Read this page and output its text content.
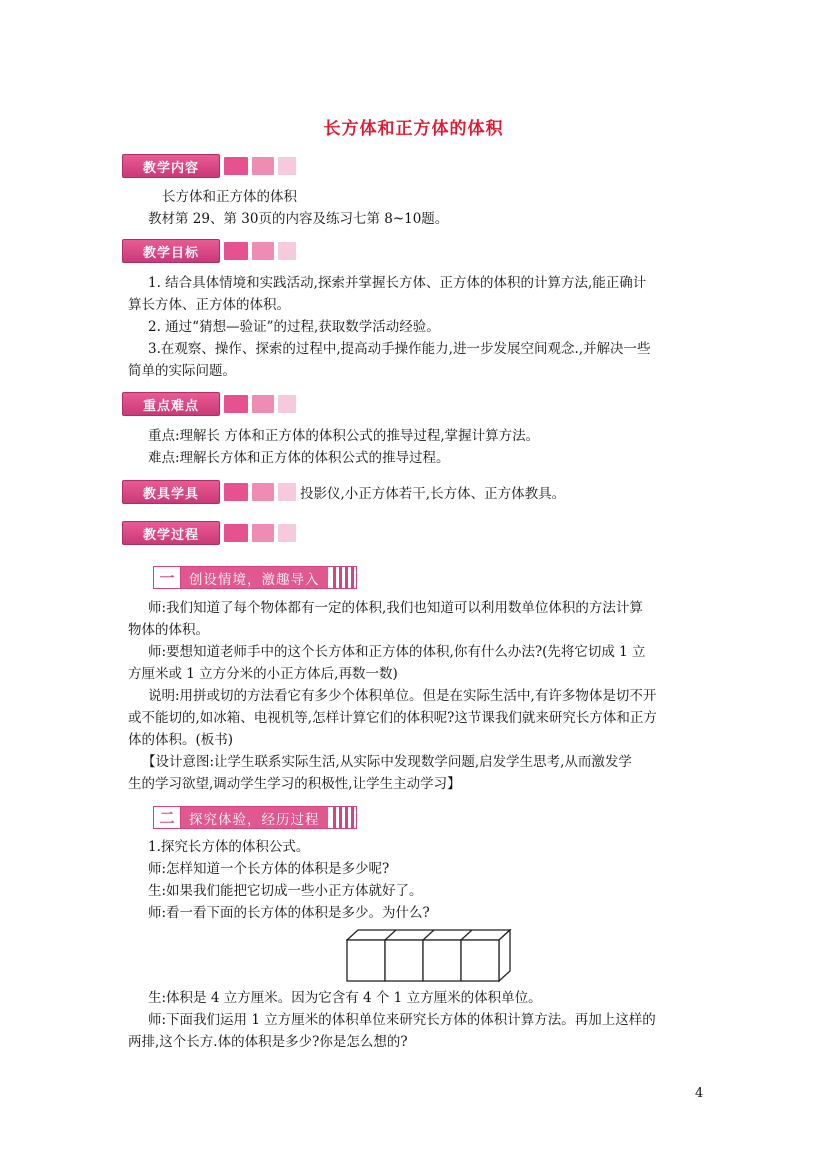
长方体和正方体的体积
教学内容
长方体和正方体的体积
教材第 29、第 30页的内容及练习七第 8~10题。
教学目标
1. 结合具体情境和实践活动,探索并掌握长方体、正方体的体积的计算方法,能正确计
算长方体、正方体的体积。
2. 通过“猜想—验证”的过程,获取数学活动经验。
3.在观察、操作、探索的过程中,提高动手操作能力,进一步发展空间观念.,并解决一些
简单的实际问题。
重点难点
重点:理解长 方体和正方体的体积公式的推导过程,掌握计算方法。
难点:理解长方体和正方体的体积公式的推导过程。
教具学具	投影仪,小正方体若干,长方体、正方体教具。
教学过程
一	创设情境，激趣导入
师:我们知道了每个物体都有一定的体积,我们也知道可以利用数单位体积的方法计算
物体的体积。
师:要想知道老师手中的这个长方体和正方体的体积,你有什么办法?(先将它切成 1 立
方厘米或 1 立方分米的小正方体后,再数一数)
说明:用拼或切的方法看它有多少个体积单位。但是在实际生活中,有许多物体是切不开
或不能切的,如冰箱、电视机等,怎样计算它们的体积呢?这节课我们就来研究长方体和正方
体的体积。(板书)
【设计意图:让学生联系实际生活,从实际中发现数学问题,启发学生思考,从而激发学
生的学习欲望,调动学生学习的积极性,让学生主动学习】
二	探究体验，经历过程
1.探究长方体的体积公式。
师:怎样知道一个长方体的体积是多少呢?
生:如果我们能把它切成一些小正方体就好了。
师:看一看下面的长方体的体积是多少。为什么?
生:体积是 4 立方厘米。因为它含有 4 个 1 立方厘米的体积单位。
师:下面我们运用 1 立方厘米的体积单位来研究长方体的体积计算方法。再加上这样的
两排,这个长方.体的体积是多少?你是怎么想的?
4
